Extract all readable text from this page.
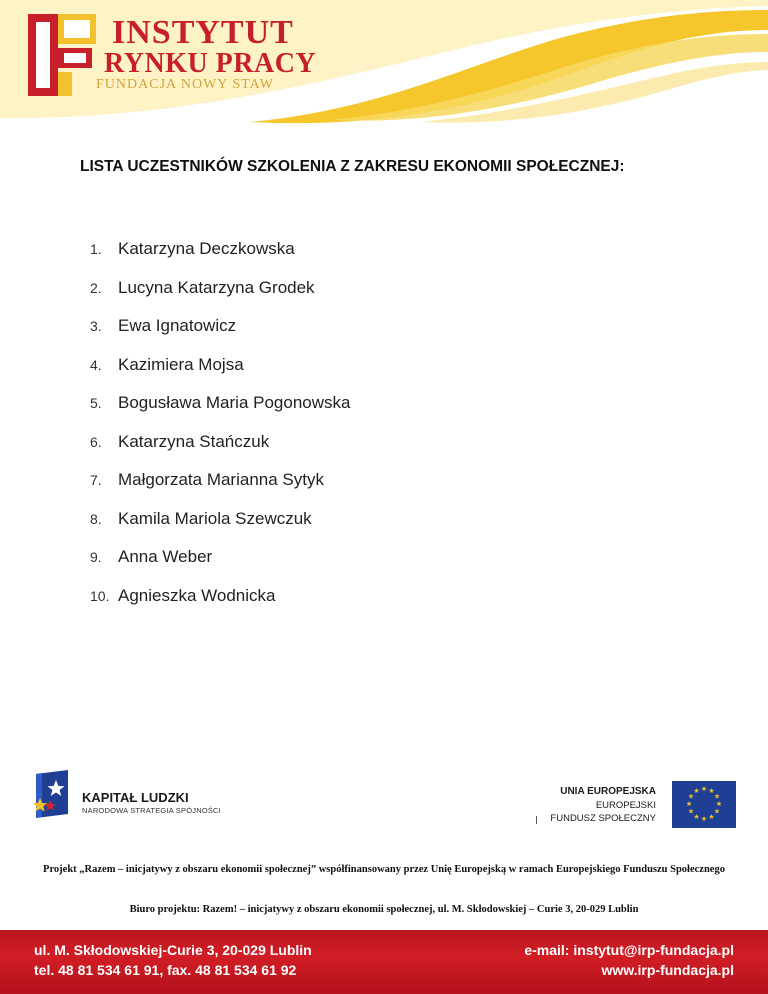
INSTYTUT
RYNKU PRACY
FUNDACJA NOWY STAW
LISTA UCZESTNIKÓW SZKOLENIA Z ZAKRESU EKONOMII SPOŁECZNEJ:
1. Katarzyna Deczkowska
2. Lucyna Katarzyna Grodek
3. Ewa Ignatowicz
4. Kazimiera Mojsa
5. Bogusława Maria Pogonowska
6. Katarzyna Stańczuk
7. Małgorzata Marianna Sytyk
8. Kamila Mariola Szewczuk
9. Anna Weber
10. Agnieszka Wodnicka
KAPITAŁ LUDZKI
NARODOWA STRATEGIA SPÓJNOŚCI
UNIA EUROPEJSKA
EUROPEJSKI
FUNDUSZ SPOŁECZNY
★ ★
★
★
★
★
★
★
★
★
★
★
Projekt „Razem – inicjatywy z obszaru ekonomii społecznej” współfinansowany przez Unię Europejską w ramach Europejskiego Funduszu Społecznego
Biuro projektu: Razem! – inicjatywy z obszaru ekonomii społecznej, ul. M. Skłodowskiej – Curie 3, 20-029 Lublin
ul. M. Skłodowskiej-Curie 3, 20-029 Lublin
tel. 48 81 534 61 91, fax. 48 81 534 61 92
e-mail: instytut@irp-fundacja.pl
www.irp-fundacja.pl
